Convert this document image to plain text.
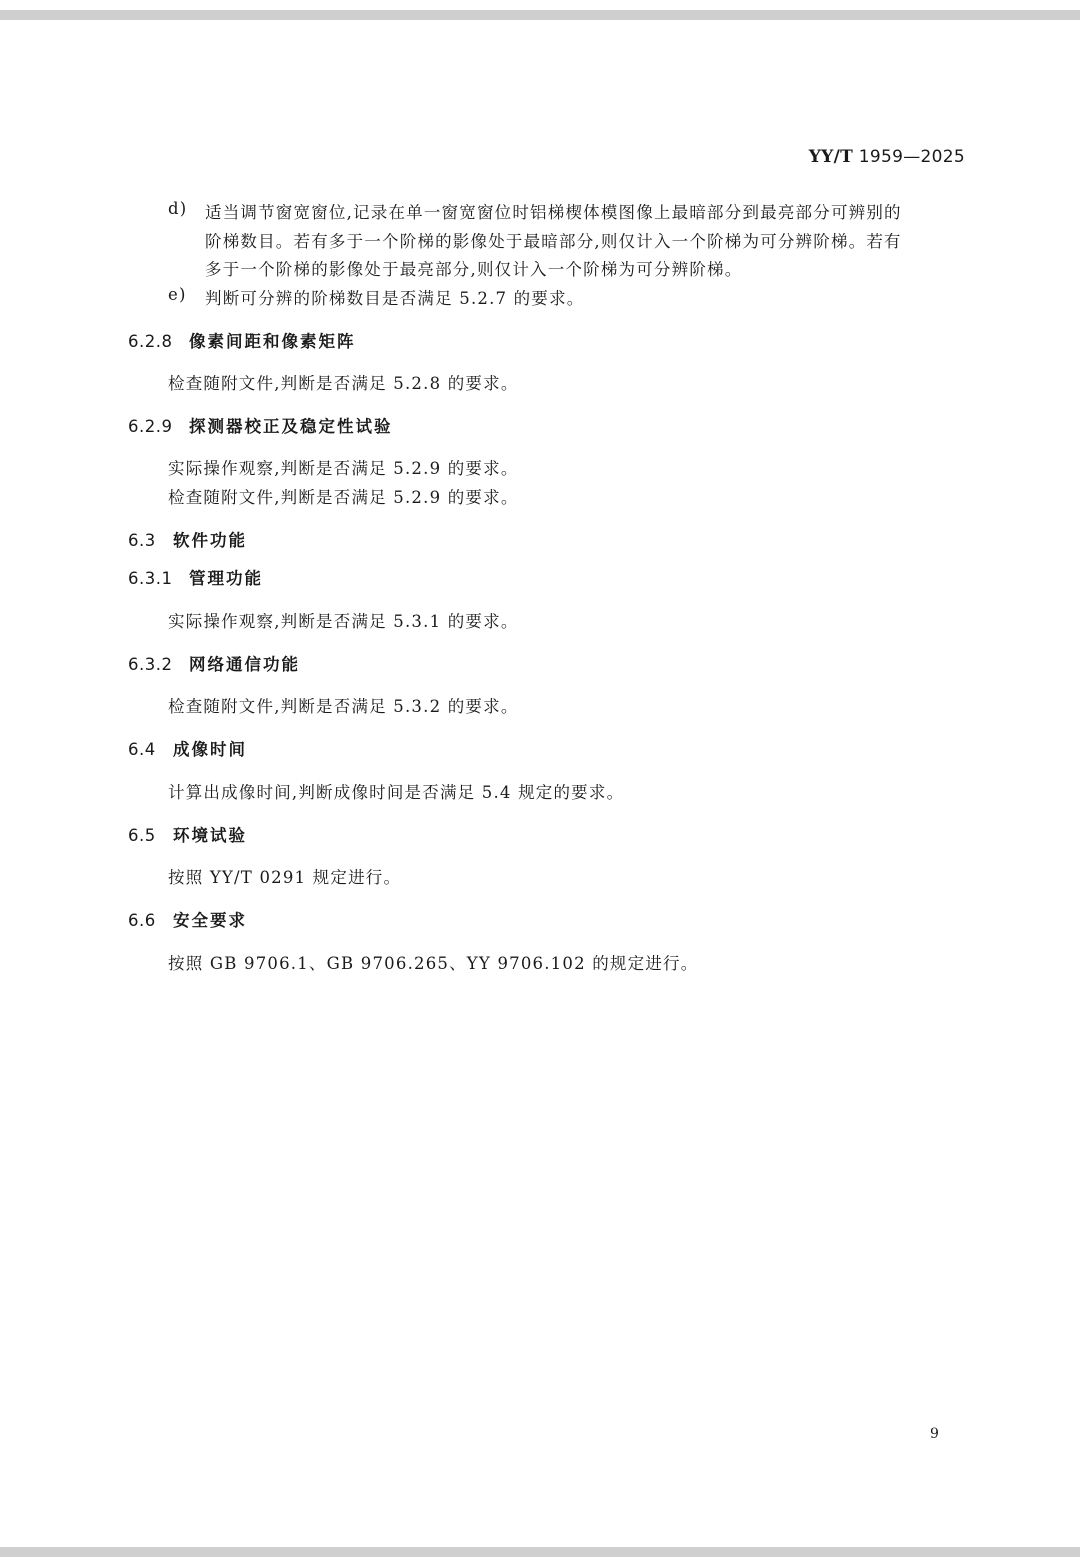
YY/T 1959—2025
d) 适当调节窗宽窗位,记录在单一窗宽窗位时铝梯楔体模图像上最暗部分到最亮部分可辨别的
阶梯数目。若有多于一个阶梯的影像处于最暗部分,则仅计入一个阶梯为可分辨阶梯。若有
多于一个阶梯的影像处于最亮部分,则仅计入一个阶梯为可分辨阶梯。
e) 判断可分辨的阶梯数目是否满足 5.2.7 的要求。
6.2.8 像素间距和像素矩阵
检查随附文件,判断是否满足 5.2.8 的要求。
6.2.9 探测器校正及稳定性试验
实际操作观察,判断是否满足 5.2.9 的要求。
检查随附文件,判断是否满足 5.2.9 的要求。
6.3 软件功能
6.3.1 管理功能
实际操作观察,判断是否满足 5.3.1 的要求。
6.3.2 网络通信功能
检查随附文件,判断是否满足 5.3.2 的要求。
6.4 成像时间
计算出成像时间,判断成像时间是否满足 5.4 规定的要求。
6.5 环境试验
按照 YY/T 0291 规定进行。
6.6 安全要求
按照 GB 9706.1、GB 9706.265、YY 9706.102 的规定进行。
9
